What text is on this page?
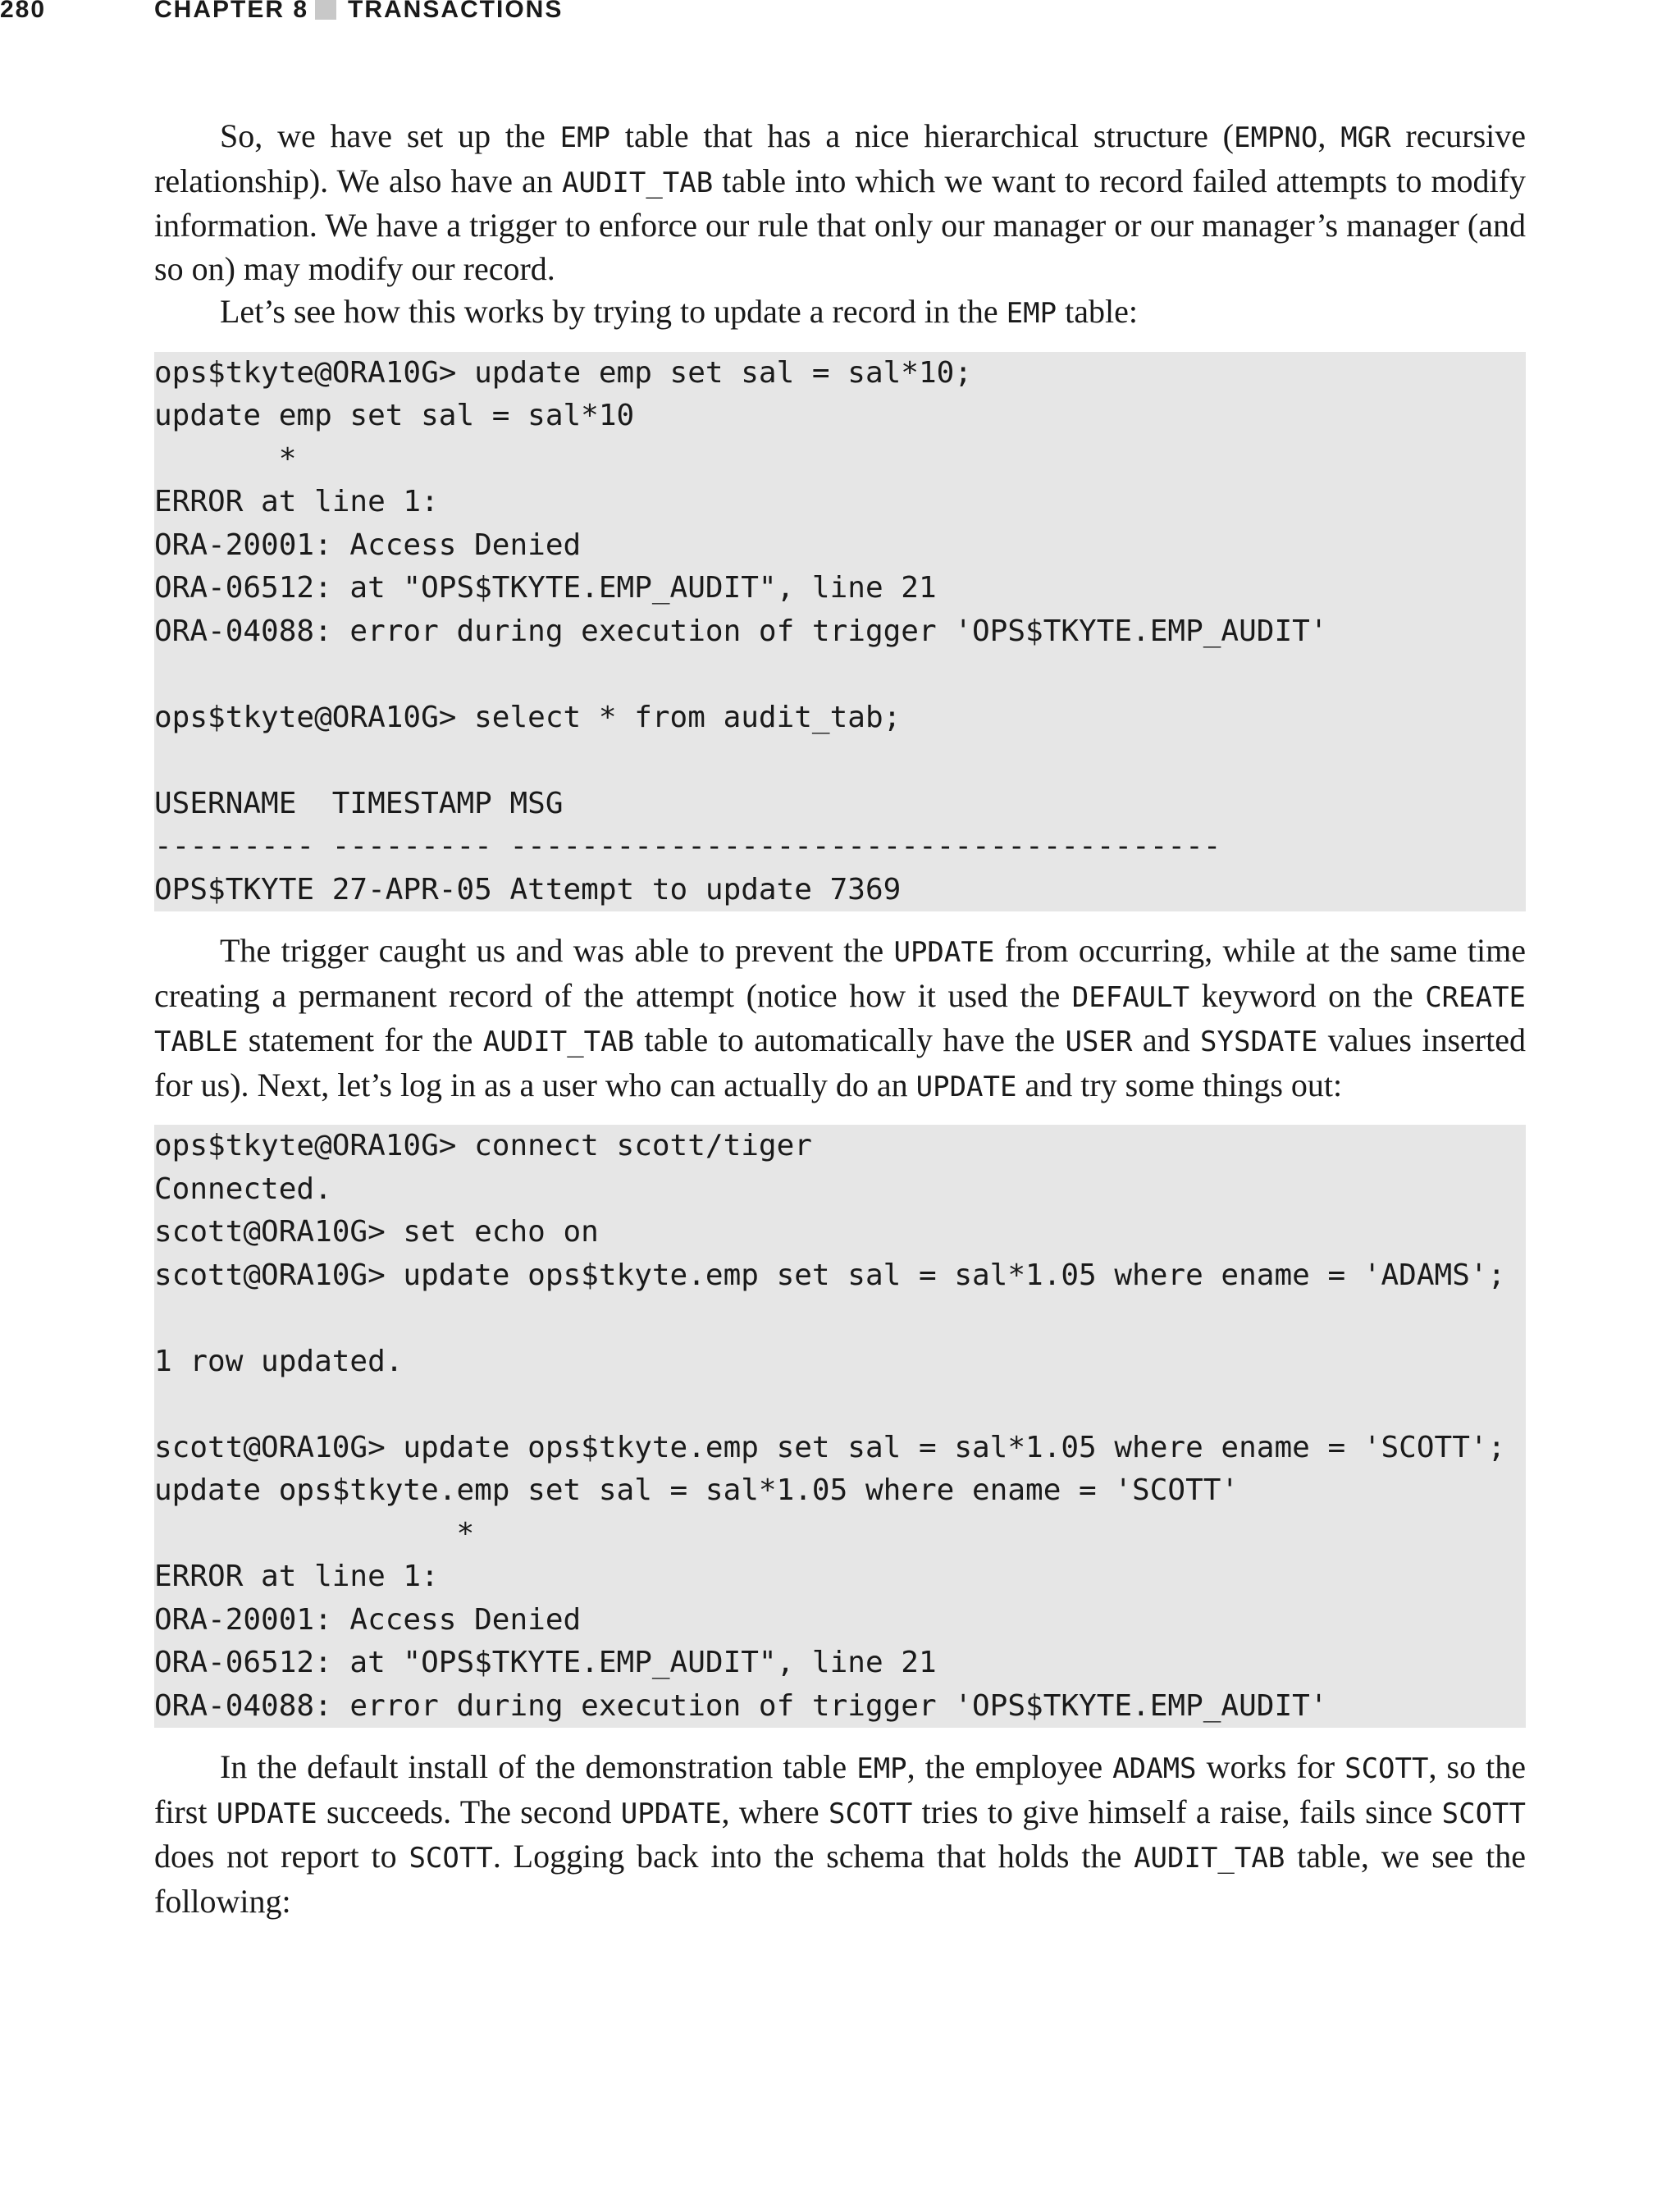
280	CHAPTER 8 TRANSACTIONS

So, we have set up the EMP table that has a nice hierarchical structure (EMPNO, MGR recursive relationship). We also have an AUDIT_TAB table into which we want to record failed attempts to modify information. We have a trigger to enforce our rule that only our manager or our manager’s manager (and so on) may modify our record.

Let’s see how this works by trying to update a record in the EMP table:

ops$tkyte@ORA10G> update emp set sal = sal*10;
update emp set sal = sal*10
*
ERROR at line 1:
ORA-20001: Access Denied
ORA-06512: at "OPS$TKYTE.EMP_AUDIT", line 21
ORA-04088: error during execution of trigger 'OPS$TKYTE.EMP_AUDIT'

ops$tkyte@ORA10G> select * from audit_tab;

USERNAME  TIMESTAMP MSG
--------- --------- ----------------------------------------
OPS$TKYTE 27-APR-05 Attempt to update 7369

The trigger caught us and was able to prevent the UPDATE from occurring, while at the same time creating a permanent record of the attempt (notice how it used the DEFAULT keyword on the CREATE TABLE statement for the AUDIT_TAB table to automatically have the USER and SYSDATE values inserted for us). Next, let’s log in as a user who can actually do an UPDATE and try some things out:

ops$tkyte@ORA10G> connect scott/tiger
Connected.
scott@ORA10G> set echo on
scott@ORA10G> update ops$tkyte.emp set sal = sal*1.05 where ename = 'ADAMS';

1 row updated.

scott@ORA10G> update ops$tkyte.emp set sal = sal*1.05 where ename = 'SCOTT';
update ops$tkyte.emp set sal = sal*1.05 where ename = 'SCOTT'
*
ERROR at line 1:
ORA-20001: Access Denied
ORA-06512: at "OPS$TKYTE.EMP_AUDIT", line 21
ORA-04088: error during execution of trigger 'OPS$TKYTE.EMP_AUDIT'

In the default install of the demonstration table EMP, the employee ADAMS works for SCOTT, so the first UPDATE succeeds. The second UPDATE, where SCOTT tries to give himself a raise, fails since SCOTT does not report to SCOTT. Logging back into the schema that holds the AUDIT_TAB table, we see the following:
